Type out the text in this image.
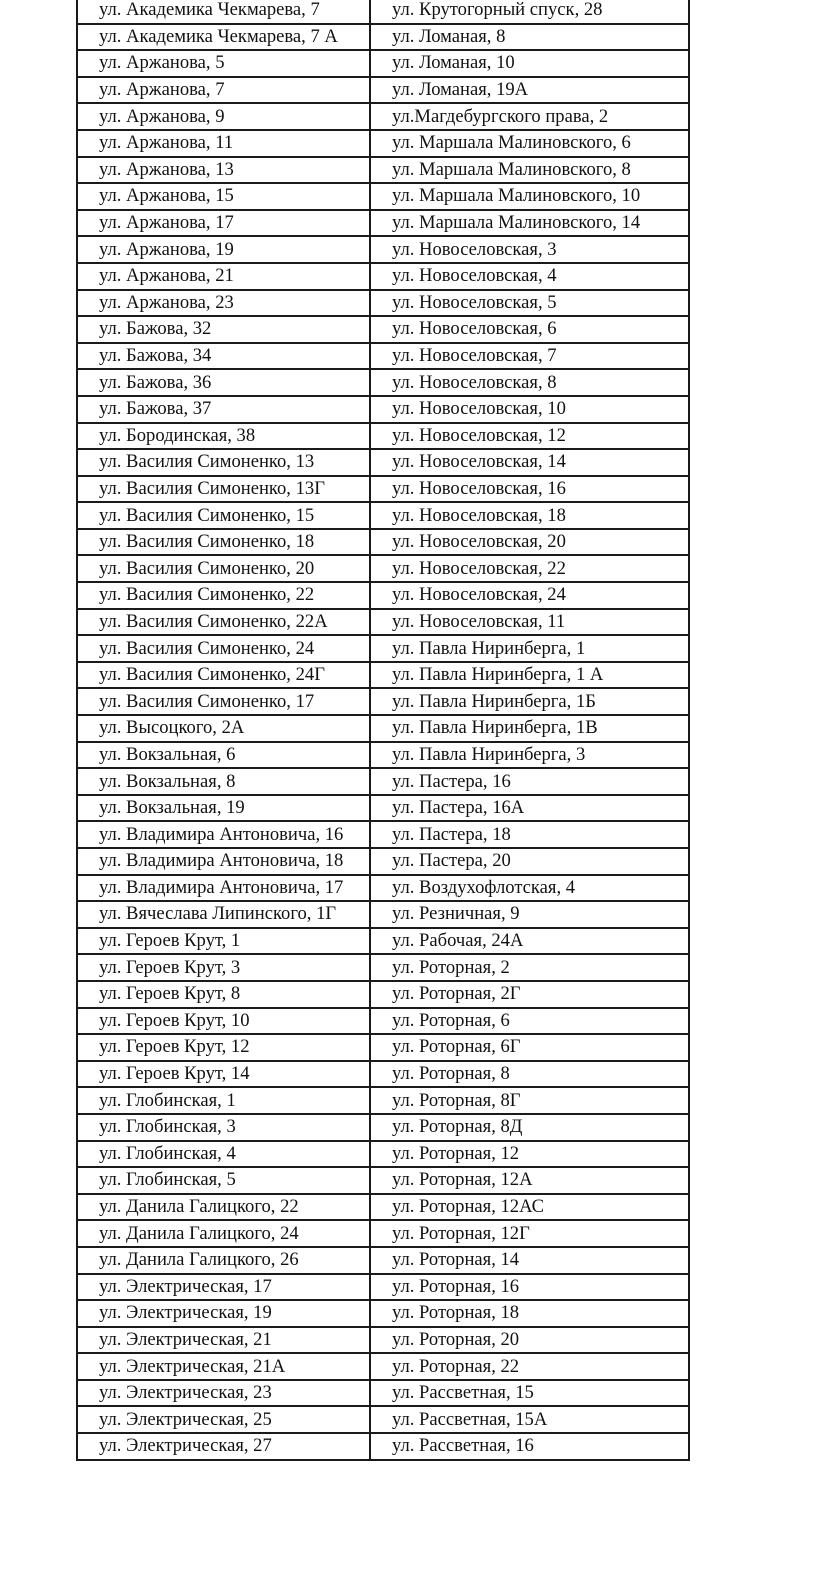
ул. Академика Чекмарева, 7	ул. Крутогорный спуск, 28
ул. Академика Чекмарева, 7 А	ул. Ломаная, 8
ул. Аржанова, 5	ул. Ломаная, 10
ул. Аржанова, 7	ул. Ломаная, 19А
ул. Аржанова, 9	ул.Магдебургского права, 2
ул. Аржанова, 11	ул. Маршала Малиновского, 6
ул. Аржанова, 13	ул. Маршала Малиновского, 8
ул. Аржанова, 15	ул. Маршала Малиновского, 10
ул. Аржанова, 17	ул. Маршала Малиновского, 14
ул. Аржанова, 19	ул. Новоселовская, 3
ул. Аржанова, 21	ул. Новоселовская, 4
ул. Аржанова, 23	ул. Новоселовская, 5
ул. Бажова, 32	ул. Новоселовская, 6
ул. Бажова, 34	ул. Новоселовская, 7
ул. Бажова, 36	ул. Новоселовская, 8
ул. Бажова, 37	ул. Новоселовская, 10
ул. Бородинская, 38	ул. Новоселовская, 12
ул. Василия Симоненко, 13	ул. Новоселовская, 14
ул. Василия Симоненко, 13Г	ул. Новоселовская, 16
ул. Василия Симоненко, 15	ул. Новоселовская, 18
ул. Василия Симоненко, 18	ул. Новоселовская, 20
ул. Василия Симоненко, 20	ул. Новоселовская, 22
ул. Василия Симоненко, 22	ул. Новоселовская, 24
ул. Василия Симоненко, 22А	ул. Новоселовская, 11
ул. Василия Симоненко, 24	ул. Павла Ниринберга, 1
ул. Василия Симоненко, 24Г	ул. Павла Ниринберга, 1 А
ул. Василия Симоненко, 17	ул. Павла Ниринберга, 1Б
ул. Высоцкого, 2А	ул. Павла Ниринберга, 1В
ул. Вокзальная, 6	ул. Павла Ниринберга, 3
ул. Вокзальная, 8	ул. Пастера, 16
ул. Вокзальная, 19	ул. Пастера, 16А
ул. Владимира Антоновича, 16	ул. Пастера, 18
ул. Владимира Антоновича, 18	ул. Пастера, 20
ул. Владимира Антоновича, 17	ул. Воздухофлотская, 4
ул. Вячеслава Липинского, 1Г	ул. Резничная, 9
ул. Героев Крут, 1	ул. Рабочая, 24А
ул. Героев Крут, 3	ул. Роторная, 2
ул. Героев Крут, 8	ул. Роторная, 2Г
ул. Героев Крут, 10	ул. Роторная, 6
ул. Героев Крут, 12	ул. Роторная, 6Г
ул. Героев Крут, 14	ул. Роторная, 8
ул. Глобинская, 1	ул. Роторная, 8Г
ул. Глобинская, 3	ул. Роторная, 8Д
ул. Глобинская, 4	ул. Роторная, 12
ул. Глобинская, 5	ул. Роторная, 12А
ул. Данила Галицкого, 22	ул. Роторная, 12АС
ул. Данила Галицкого, 24	ул. Роторная, 12Г
ул. Данила Галицкого, 26	ул. Роторная, 14
ул. Электрическая, 17	ул. Роторная, 16
ул. Электрическая, 19	ул. Роторная, 18
ул. Электрическая, 21	ул. Роторная, 20
ул. Электрическая, 21А	ул. Роторная, 22
ул. Электрическая, 23	ул. Рассветная, 15
ул. Электрическая, 25	ул. Рассветная, 15А
ул. Электрическая, 27	ул. Рассветная, 16
